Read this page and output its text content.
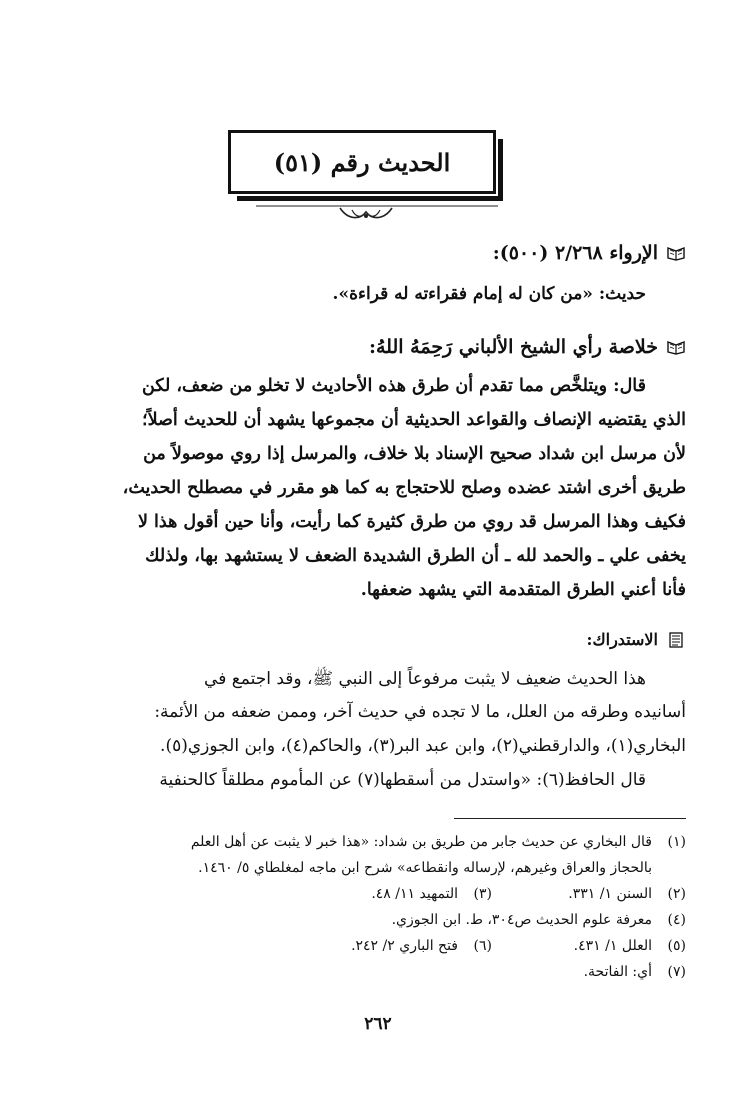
الحديث رقم (٥١)
الإرواء ٢/٢٦٨ (٥٠٠):
حديث: «من كان له إمام فقراءته له قراءة».
خلاصة رأي الشيخ الألباني رَحِمَهُ اللهُ:
قال: ويتلخَّص مما تقدم أن طرق هذه الأحاديث لا تخلو من ضعف، لكن
الذي يقتضيه الإنصاف والقواعد الحديثية أن مجموعها يشهد أن للحديث أصلاً؛
لأن مرسل ابن شداد صحيح الإسناد بلا خلاف، والمرسل إذا روي موصولاً من
طريق أخرى اشتد عضده وصلح للاحتجاج به كما هو مقرر في مصطلح الحديث،
فكيف وهذا المرسل قد روي من طرق كثيرة كما رأيت، وأنا حين أقول هذا لا
يخفى علي ـ والحمد لله ـ أن الطرق الشديدة الضعف لا يستشهد بها، ولذلك
فأنا أعني الطرق المتقدمة التي يشهد ضعفها.
الاستدراك:
هذا الحديث ضعيف لا يثبت مرفوعاً إلى النبي ﷺ، وقد اجتمع في
أسانيده وطرقه من العلل، ما لا تجده في حديث آخر، وممن ضعفه من الأئمة:
البخاري(١)، والدارقطني(٢)، وابن عبد البر(٣)، والحاكم(٤)، وابن الجوزي(٥).
قال الحافظ(٦): «واستدل من أسقطها(٧) عن المأموم مطلقاً كالحنفية
(١)قال البخاري عن حديث جابر من طريق بن شداد: «هذا خبر لا يثبت عن أهل العلم
بالحجاز والعراق وغيرهم، لإرساله وانقطاعه» شرح ابن ماجه لمغلطاي ٥/ ١٤٦٠.
(٢)السنن ١/ ٣٣١.(٣)التمهيد ١١/ ٤٨.
(٤)معرفة علوم الحديث ص٣٠٤، ط. ابن الجوزي.
(٥)العلل ١/ ٤٣١.(٦)فتح الباري ٢/ ٢٤٢.
(٧)أي: الفاتحة.
٢٦٢
